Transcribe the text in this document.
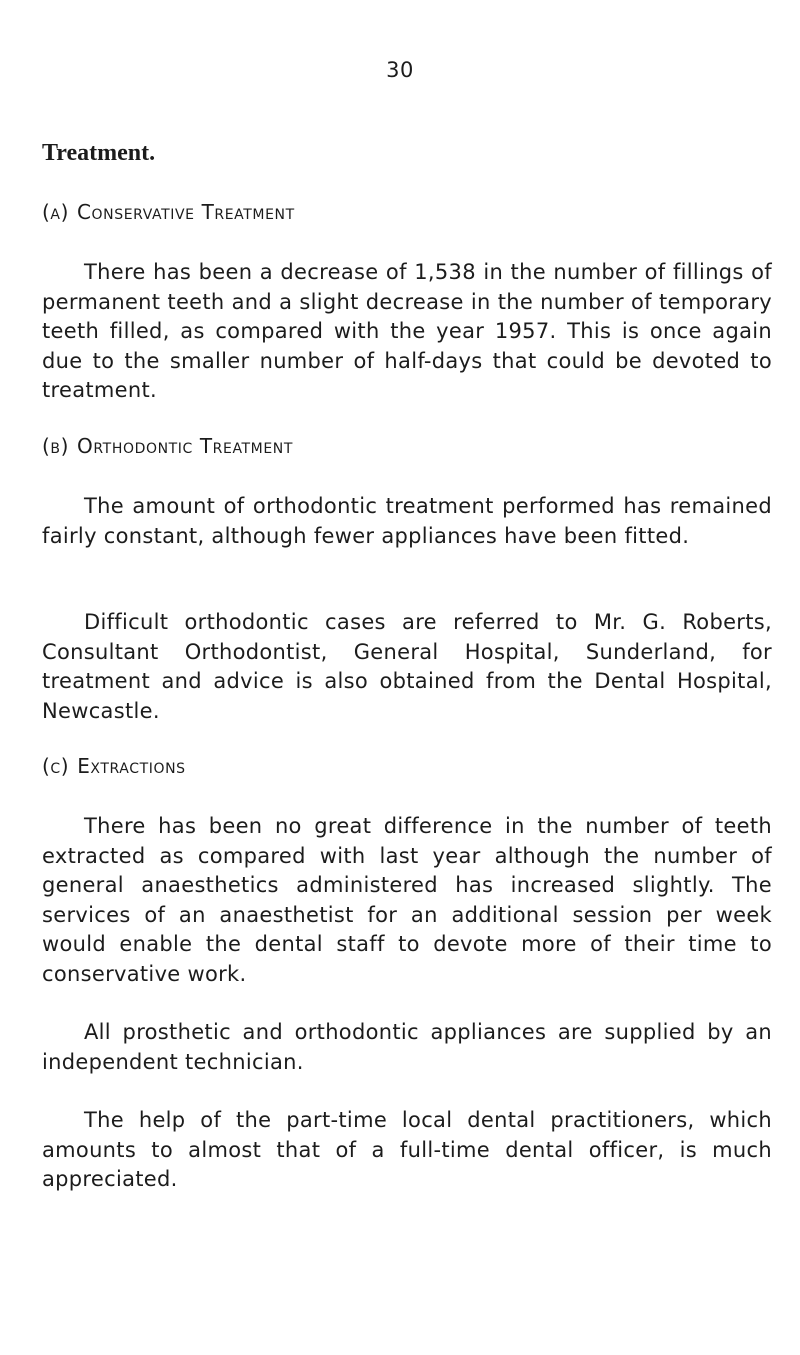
30
Treatment.
(a) Conservative Treatment

There has been a decrease of 1,538 in the number of fillings of permanent teeth and a slight decrease in the number of temporary teeth filled, as compared with the year 1957. This is once again due to the smaller number of half-days that could be devoted to treatment.

(b) Orthodontic Treatment

The amount of orthodontic treatment performed has remained fairly constant, although fewer appliances have been fitted.

Difficult orthodontic cases are referred to Mr. G. Roberts, Consultant Orthodontist, General Hospital, Sunderland, for treatment and advice is also obtained from the Dental Hospital, Newcastle.

(c) Extractions

There has been no great difference in the number of teeth extracted as compared with last year although the number of general anaesthetics administered has increased slightly. The services of an anaesthetist for an additional session per week would enable the dental staff to devote more of their time to conservative work.

All prosthetic and orthodontic appliances are supplied by an independent technician.

The help of the part-time local dental practitioners, which amounts to almost that of a full-time dental officer, is much appreciated.
